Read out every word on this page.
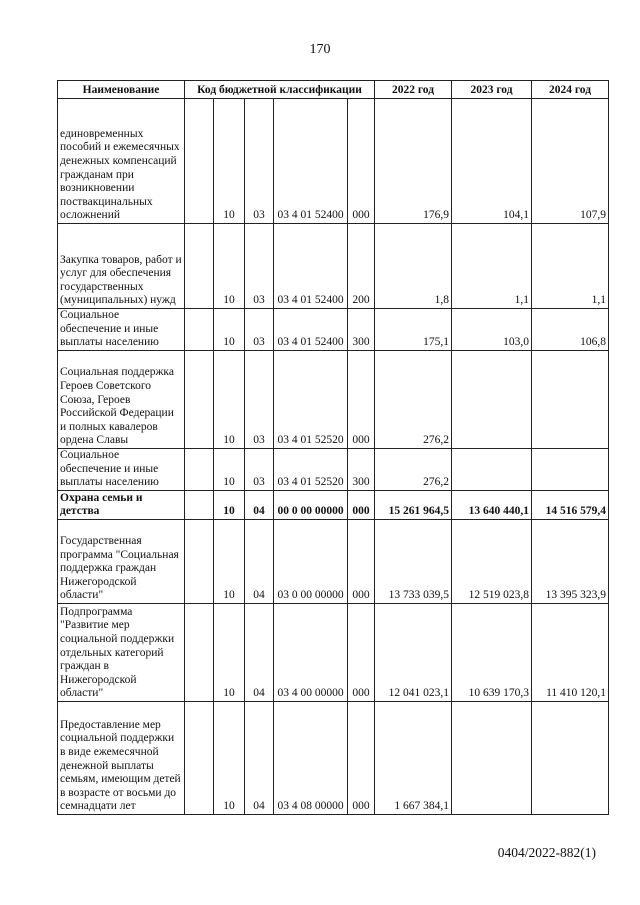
170
Наименование	Код бюджетной классификации					2022 год	2023 год	2024 год
единовременных пособий и ежемесячных денежных компенсаций гражданам при возникновении поствакцинальных осложнений		10	03	03 4 01 52400	000	176,9	104,1	107,9
Закупка товаров, работ и услуг для обеспечения государственных (муниципальных) нужд		10	03	03 4 01 52400	200	1,8	1,1	1,1
Социальное обеспечение и иные выплаты населению		10	03	03 4 01 52400	300	175,1	103,0	106,8
Социальная поддержка Героев Советского Союза, Героев Российской Федерации и полных кавалеров ордена Славы		10	03	03 4 01 52520	000	276,2		
Социальное обеспечение и иные выплаты населению		10	03	03 4 01 52520	300	276,2		
Охрана семьи и детства		10	04	00 0 00 00000	000	15 261 964,5	13 640 440,1	14 516 579,4
Государственная программа "Социальная поддержка граждан Нижегородской области"		10	04	03 0 00 00000	000	13 733 039,5	12 519 023,8	13 395 323,9
Подпрограмма "Развитие мер социальной поддержки отдельных категорий граждан в Нижегородской области"		10	04	03 4 00 00000	000	12 041 023,1	10 639 170,3	11 410 120,1
Предоставление мер социальной поддержки в виде ежемесячной денежной выплаты семьям, имеющим детей в возрасте от восьми до семнадцати лет		10	04	03 4 08 00000	000	1 667 384,1		
0404/2022-882(1)
